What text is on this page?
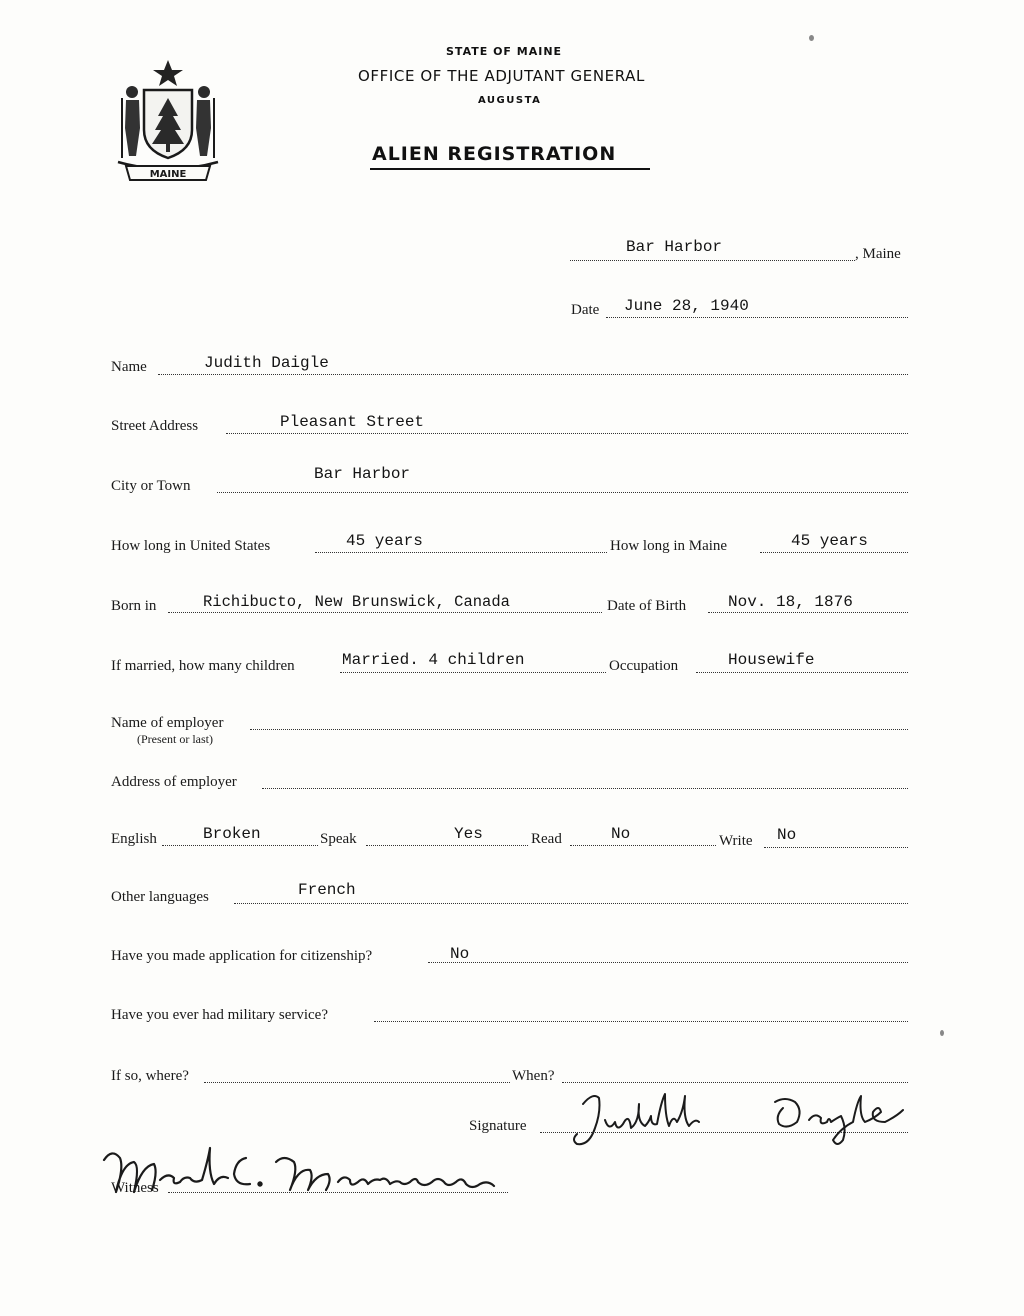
MAINE
STATE OF MAINE
OFFICE OF THE ADJUTANT GENERAL
AUGUSTA
ALIEN REGISTRATION
Bar Harbor	, Maine
Date June 28, 1940
Name	Judith Daigle
Street Address	Pleasant Street
City or Town
Bar Harbor
How long in United States	45 years	How long in Maine	45 years
Born in	Richibucto, New Brunswick, Canada	Date of Birth	Nov. 18, 1876
If married, how many children	Married. 4 children	Occupation	Housewife
Name of employer
(Present or last)
Address of employer
English	Broken	Speak	Yes	Read	No	Write No
Other languages	French
Have you made application for citizenship?	No
Have you ever had military service?
If so, where?	When?
Signature
Witness
